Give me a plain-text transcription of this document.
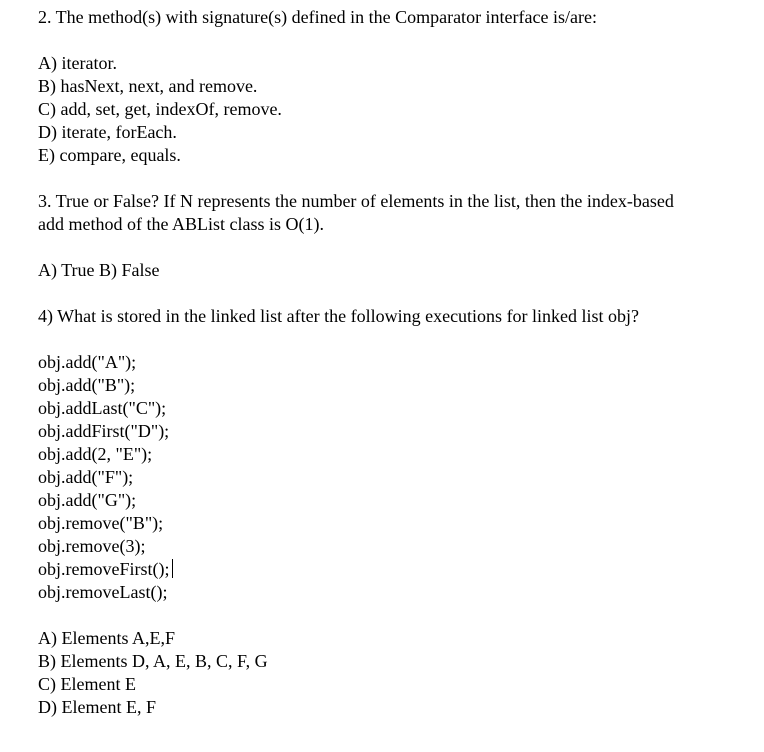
2. The method(s) with signature(s) defined in the Comparator interface is/are:
A) iterator.
B) hasNext, next, and remove.
C) add, set, get, indexOf, remove.
D) iterate, forEach.
E) compare, equals.
3. True or False? If N represents the number of elements in the list, then the index-based
add method of the ABList class is O(1).
A) True B) False
4) What is stored in the linked list after the following executions for linked list obj?
obj.add("A");
obj.add("B");
obj.addLast("C");
obj.addFirst("D");
obj.add(2, "E");
obj.add("F");
obj.add("G");
obj.remove("B");
obj.remove(3);
obj.removeFirst();
obj.removeLast();
A) Elements A,E,F
B) Elements D, A, E, B, C, F, G
C) Element E
D) Element E, F
